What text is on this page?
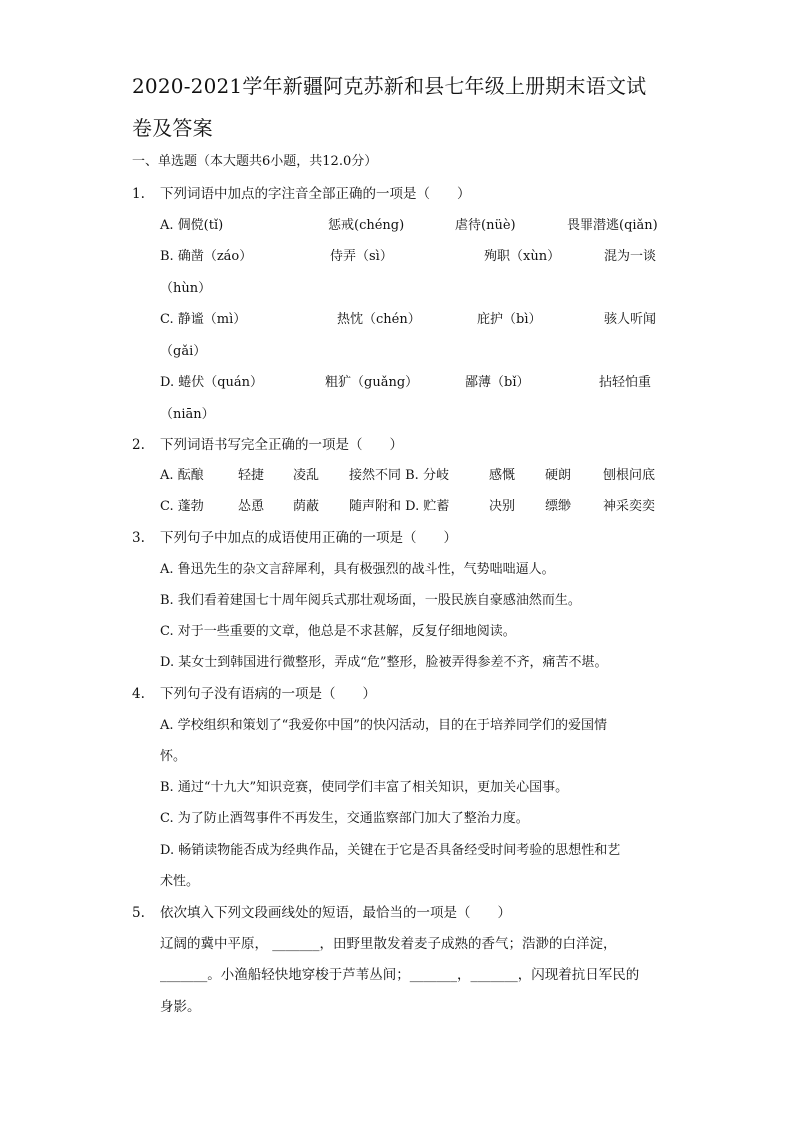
2020-2021学年新疆阿克苏新和县七年级上册期末语文试
卷及答案
一、单选题（本大题共6小题，共12.0分）
1. 下列词语中加点的字注音全部正确的一项是（　　）
A. 倜傥(tǐ)	惩戒(chéng)	虐待(nüè)	畏罪潜逃(qiǎn)
B. 确凿（záo）	侍弄（sì）	殉职（xùn）	混为一谈
（hùn）
C. 静谧（mì）	热忱（chén）	庇护（bì）	骇人听闻
（gǎi）
D. 蜷伏（quán）	粗犷（guǎng）	鄙薄（bǐ）	拈轻怕重
（niān）
2. 下列词语书写完全正确的一项是（　　）
A. 酝酿	轻捷 凌乱 接然不同 B. 分岐	感慨 硬朗 刨根问底
C. 蓬勃	怂恿 荫蔽 随声附和 D. 贮蓄	决别 缥缈 神采奕奕
3. 下列句子中加点的成语使用正确的一项是（　　）
A. 鲁迅先生的杂文言辞犀利，具有极强烈的战斗性，气势咄咄逼人。
B. 我们看着建国七十周年阅兵式那壮观场面，一股民族自豪感油然而生。
C. 对于一些重要的文章，他总是不求甚解，反复仔细地阅读。
D. 某女士到韩国进行微整形，弄成“危”整形，脸被弄得参差不齐，痛苦不堪。
4. 下列句子没有语病的一项是（　　）
A. 学校组织和策划了“我爱你中国”的快闪活动，目的在于培养同学们的爱国情
怀。
B. 通过“十九大”知识竞赛，使同学们丰富了相关知识，更加关心国事。
C. 为了防止酒驾事件不再发生，交通监察部门加大了整治力度。
D. 畅销读物能否成为经典作品，关键在于它是否具备经受时间考验的思想性和艺
术性。
5. 依次填入下列文段画线处的短语，最恰当的一项是（　　）
辽阔的冀中平原， _______，田野里散发着麦子成熟的香气；浩渺的白洋淀，
_______。小渔船轻快地穿梭于芦苇丛间；_______，_______，闪现着抗日军民的
身影。
